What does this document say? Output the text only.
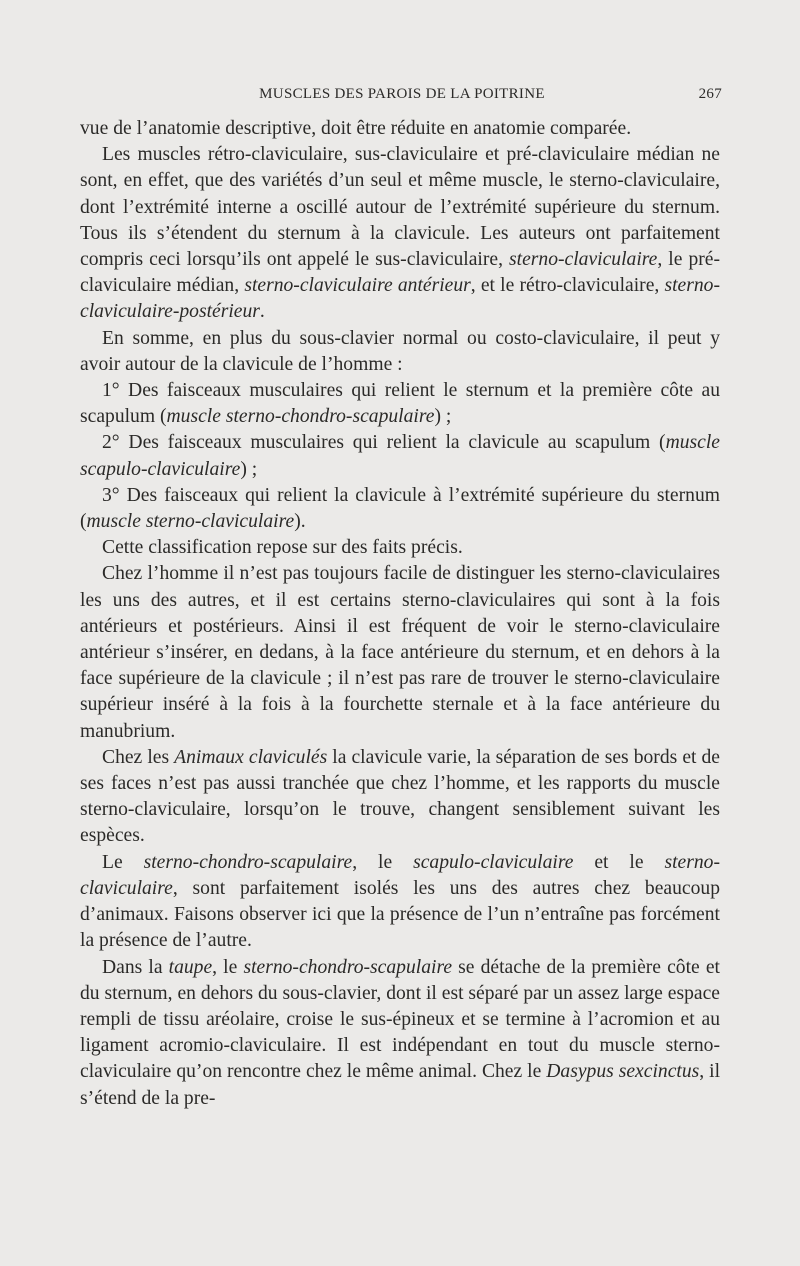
MUSCLES DES PAROIS DE LA POITRINE	267

vue de l’anatomie descriptive, doit être réduite en anatomie comparée.

Les muscles rétro-claviculaire, sus-claviculaire et pré-claviculaire médian ne sont, en effet, que des variétés d’un seul et même muscle, le sterno-claviculaire, dont l’extrémité interne a oscillé autour de l’extrémité supérieure du sternum. Tous ils s’étendent du sternum à la clavicule. Les auteurs ont parfaitement compris ceci lorsqu’ils ont appelé le sus-claviculaire, sterno-claviculaire, le pré-claviculaire médian, sterno-claviculaire antérieur, et le rétro-claviculaire, sterno-claviculaire-postérieur.

En somme, en plus du sous-clavier normal ou costo-claviculaire, il peut y avoir autour de la clavicule de l’homme :

1° Des faisceaux musculaires qui relient le sternum et la première côte au scapulum (muscle sterno-chondro-scapulaire) ;

2° Des faisceaux musculaires qui relient la clavicule au scapulum (muscle scapulo-claviculaire) ;

3° Des faisceaux qui relient la clavicule à l’extrémité supérieure du sternum (muscle sterno-claviculaire).

Cette classification repose sur des faits précis.

Chez l’homme il n’est pas toujours facile de distinguer les sterno-claviculaires les uns des autres, et il est certains sterno-claviculaires qui sont à la fois antérieurs et postérieurs. Ainsi il est fréquent de voir le sterno-claviculaire antérieur s’insérer, en dedans, à la face antérieure du sternum, et en dehors à la face supérieure de la clavicule ; il n’est pas rare de trouver le sterno-claviculaire supérieur inséré à la fois à la fourchette sternale et à la face antérieure du manubrium.

Chez les Animaux claviculés la clavicule varie, la séparation de ses bords et de ses faces n’est pas aussi tranchée que chez l’homme, et les rapports du muscle sterno-claviculaire, lorsqu’on le trouve, changent sensiblement suivant les espèces.

Le sterno-chondro-scapulaire, le scapulo-claviculaire et le sterno-claviculaire, sont parfaitement isolés les uns des autres chez beaucoup d’animaux. Faisons observer ici que la présence de l’un n’entraîne pas forcément la présence de l’autre.

Dans la taupe, le sterno-chondro-scapulaire se détache de la première côte et du sternum, en dehors du sous-clavier, dont il est séparé par un assez large espace rempli de tissu aréolaire, croise le sus-épineux et se termine à l’acromion et au ligament acromio-claviculaire. Il est indépendant en tout du muscle sterno-claviculaire qu’on rencontre chez le même animal. Chez le Dasypus sexcinctus, il s’étend de la pre-
